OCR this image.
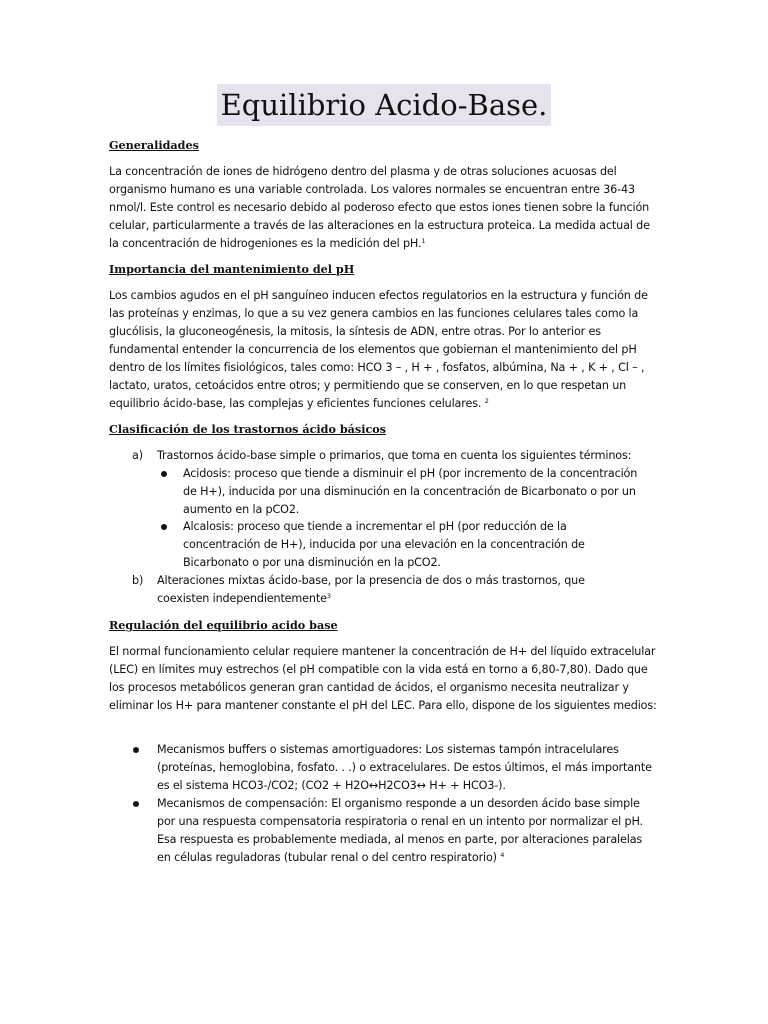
Equilibrio Acido-Base.
Generalidades

La concentración de iones de hidrógeno dentro del plasma y de otras soluciones acuosas del organismo humano es una variable controlada. Los valores normales se encuentran entre 36-43 nmol/l. Este control es necesario debido al poderoso efecto que estos iones tienen sobre la función celular, particularmente a través de las alteraciones en la estructura proteica. La medida actual de la concentración de hidrogeniones es la medición del pH.$^1$

Importancia del mantenimiento del pH

Los cambios agudos en el pH sanguíneo inducen efectos regulatorios en la estructura y función de las proteínas y enzimas, lo que a su vez genera cambios en las funciones celulares tales como la glucólisis, la gluconeogénesis, la mitosis, la síntesis de ADN, entre otras. Por lo anterior es fundamental entender la concurrencia de los elementos que gobiernan el mantenimiento del pH dentro de los límites fisiológicos, tales como: HCO 3 – , H + , fosfatos, albúmina, Na + , K + , Cl – , lactato, uratos, cetoácidos entre otros; y permitiendo que se conserven, en lo que respetan un equilibrio ácido-base, las complejas y eficientes funciones celulares. $^2$

Clasificación de los trastornos ácido básicos
a) Trastornos ácido-base simple o primarios, que toma en cuenta los siguientes términos:
Acidosis: proceso que tiende a disminuir el pH (por incremento de la concentración de H+), inducida por una disminución en la concentración de Bicarbonato o por un aumento en la pCO2.
Alcalosis: proceso que tiende a incrementar el pH (por reducción de la concentración de H+), inducida por una elevación en la concentración de Bicarbonato o por una disminución en la pCO2.
b) Alteraciones mixtas ácido-base, por la presencia de dos o más trastornos, que coexisten independientemente$^3$
Regulación del equilibrio acido base

El normal funcionamiento celular requiere mantener la concentración de H+ del líquido extracelular (LEC) en límites muy estrechos (el pH compatible con la vida está en torno a 6,80-7,80). Dado que los procesos metabólicos generan gran cantidad de ácidos, el organismo necesita neutralizar y eliminar los H+ para mantener constante el pH del LEC. Para ello, dispone de los siguientes medios:

Mecanismos buffers o sistemas amortiguadores: Los sistemas tampón intracelulares (proteínas, hemoglobina, fosfato. . .) o extracelulares. De estos últimos, el más importante es el sistema HCO3-/CO2; (CO2 + H2O↔H2CO3↔ H+ + HCO3-).
Mecanismos de compensación: El organismo responde a un desorden ácido base simple por una respuesta compensatoria respiratoria o renal en un intento por normalizar el pH. Esa respuesta es probablemente mediada, al menos en parte, por alteraciones paralelas en células reguladoras (tubular renal o del centro respiratorio) $^4$
